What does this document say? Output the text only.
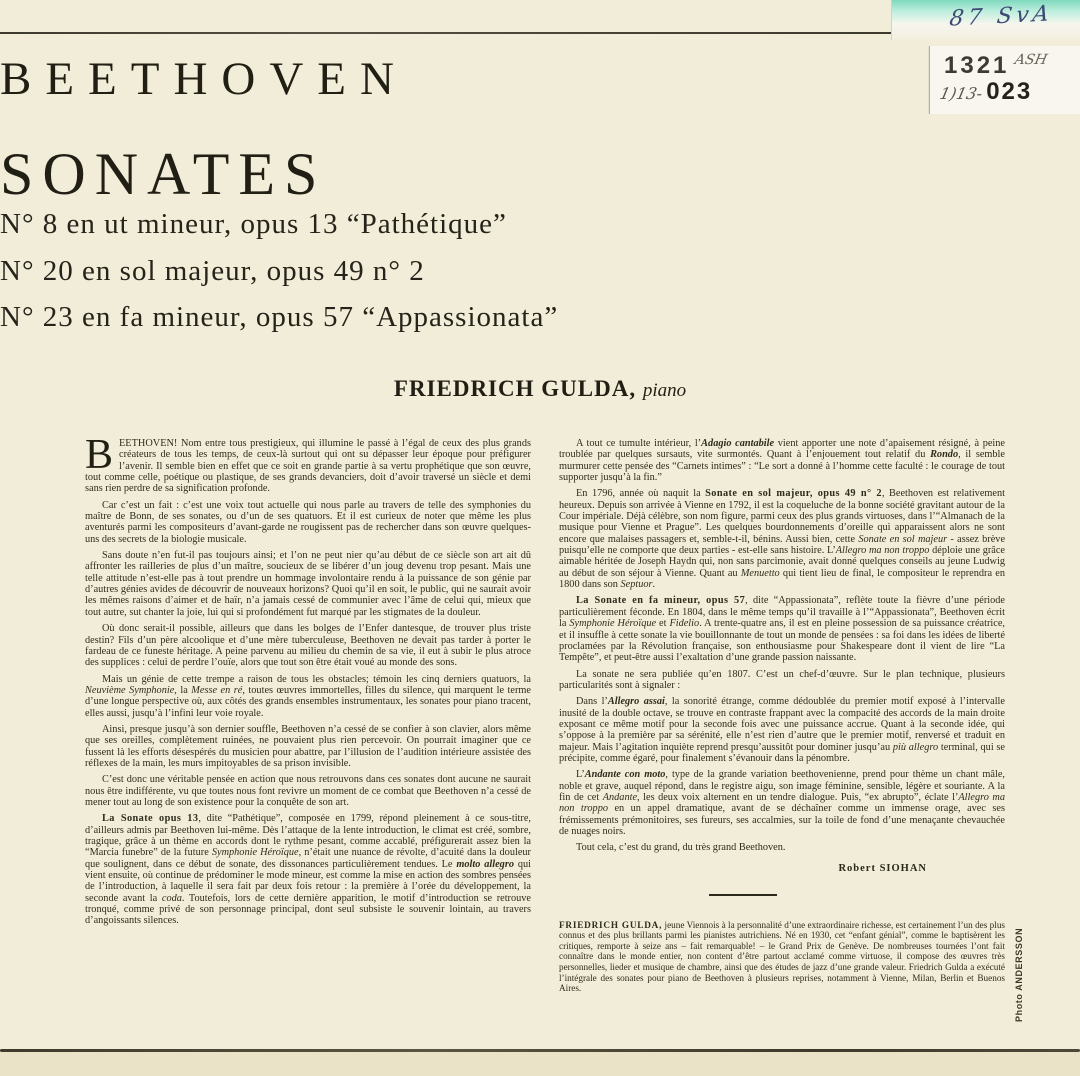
87 SvA
1321 ASH
1)13- 023
BEETHOVEN
SONATES
N° 8 en ut mineur, opus 13 “Pathétique”
N° 20 en sol majeur, opus 49 n° 2
N° 23 en fa mineur, opus 57 “Appassionata”
FRIEDRICH GULDA, piano

BEETHOVEN! Nom entre tous prestigieux, qui illumine le passé à l’égal de ceux des plus grands créateurs de tous les temps, de ceux-là surtout qui ont su dépasser leur époque pour préfigurer l’avenir. Il semble bien en effet que ce soit en grande partie à sa vertu prophétique que son œuvre, tout comme celle, poétique ou plastique, de ses grands devanciers, doit d’avoir traversé un siècle et demi sans rien perdre de sa signification profonde.

Car c’est un fait : c’est une voix tout actuelle qui nous parle au travers de telle des symphonies du maître de Bonn, de ses sonates, ou d’un de ses quatuors. Et il est curieux de noter que même les plus aventurés parmi les compositeurs d’avant-garde ne rougissent pas de rechercher dans son œuvre quelques-uns des secrets de la biologie musicale.

Sans doute n’en fut-il pas toujours ainsi; et l’on ne peut nier qu’au début de ce siècle son art ait dû affronter les railleries de plus d’un maître, soucieux de se libérer d’un joug devenu trop pesant. Mais une telle attitude n’est-elle pas à tout prendre un hommage involontaire rendu à la puissance de son génie par d’autres génies avides de découvrir de nouveaux horizons? Quoi qu’il en soit, le public, qui ne saurait avoir les mêmes raisons d’aimer et de haïr, n’a jamais cessé de communier avec l’âme de celui qui, mieux que tout autre, sut chanter la joie, lui qui si profondément fut marqué par les stigmates de la douleur.

Où donc serait-il possible, ailleurs que dans les bolges de l’Enfer dantesque, de trouver plus triste destin? Fils d’un père alcoolique et d’une mère tuberculeuse, Beethoven ne devait pas tarder à porter le fardeau de ce funeste héritage. A peine parvenu au milieu du chemin de sa vie, il eut à subir le plus atroce des supplices : celui de perdre l’ouïe, alors que tout son être était voué au monde des sons.

Mais un génie de cette trempe a raison de tous les obstacles; témoin les cinq derniers quatuors, la Neuvième Symphonie, la Messe en ré, toutes œuvres immortelles, filles du silence, qui marquent le terme d’une longue perspective où, aux côtés des grands ensembles instrumentaux, les sonates pour piano tracent, elles aussi, jusqu’à l’infini leur voie royale.

Ainsi, presque jusqu’à son dernier souffle, Beethoven n’a cessé de se confier à son clavier, alors même que ses oreilles, complètement ruinées, ne pouvaient plus rien percevoir. On pourrait imaginer que ce fussent là les efforts désespérés du musicien pour abattre, par l’illusion de l’audition intérieure assistée des réflexes de la main, les murs impitoyables de sa prison invisible.

C’est donc une véritable pensée en action que nous retrouvons dans ces sonates dont aucune ne saurait nous être indifférente, vu que toutes nous font revivre un moment de ce combat que Beethoven n’a cessé de mener tout au long de son existence pour la conquête de son art.

La Sonate opus 13, dite “Pathétique”, composée en 1799, répond pleinement à ce sous-titre, d’ailleurs admis par Beethoven lui-même. Dès l’attaque de la lente introduction, le climat est créé, sombre, tragique, grâce à un thème en accords dont le rythme pesant, comme accablé, préfigurerait assez bien la “Marcia funebre” de la future Symphonie Héroïque, n’était une nuance de révolte, d’acuité dans la douleur que soulignent, dans ce début de sonate, des dissonances particulièrement tendues. Le molto allegro qui vient ensuite, où continue de prédominer le mode mineur, est comme la mise en action des sombres pensées de l’introduction, à laquelle il sera fait par deux fois retour : la première à l’orée du développement, la seconde avant la coda. Toutefois, lors de cette dernière apparition, le motif d’introduction se retrouve tronqué, comme privé de son personnage principal, dont seul subsiste le souvenir lointain, au travers d’angoissants silences.

A tout ce tumulte intérieur, l’Adagio cantabile vient apporter une note d’apaisement résigné, à peine troublée par quelques sursauts, vite surmontés. Quant à l’enjouement tout relatif du Rondo, il semble murmurer cette pensée des “Carnets intimes” : “Le sort a donné à l’homme cette faculté : le courage de tout supporter jusqu’à la fin.”

En 1796, année où naquit la Sonate en sol majeur, opus 49 n° 2, Beethoven est relativement heureux. Depuis son arrivée à Vienne en 1792, il est la coqueluche de la bonne société gravitant autour de la Cour impériale. Déjà célèbre, son nom figure, parmi ceux des plus grands virtuoses, dans l’“Almanach de la musique pour Vienne et Prague”. Les quelques bourdonnements d’oreille qui apparaissent alors ne sont encore que malaises passagers et, semble-t-il, bénins. Aussi bien, cette Sonate en sol majeur - assez brève puisqu’elle ne comporte que deux parties - est-elle sans histoire. L’Allegro ma non troppo déploie une grâce aimable héritée de Joseph Haydn qui, non sans parcimonie, avait donné quelques conseils au jeune Ludwig au début de son séjour à Vienne. Quant au Menuetto qui tient lieu de final, le compositeur le reprendra en 1800 dans son Septuor.

La Sonate en fa mineur, opus 57, dite “Appassionata”, reflète toute la fièvre d’une période particulièrement féconde. En 1804, dans le même temps qu’il travaille à l’“Appassionata”, Beethoven écrit la Symphonie Héroïque et Fidelio. A trente-quatre ans, il est en pleine possession de sa puissance créatrice, et il insuffle à cette sonate la vie bouillonnante de tout un monde de pensées : sa foi dans les idées de liberté proclamées par la Révolution française, son enthousiasme pour Shakespeare dont il vient de lire “La Tempête”, et peut-être aussi l’exaltation d’une grande passion naissante.

La sonate ne sera publiée qu’en 1807. C’est un chef-d’œuvre. Sur le plan technique, plusieurs particularités sont à signaler :

Dans l’Allegro assai, la sonorité étrange, comme dédoublée du premier motif exposé à l’intervalle inusité de la double octave, se trouve en contraste frappant avec la compacité des accords de la main droite exposant ce même motif pour la seconde fois avec une puissance accrue. Quant à la seconde idée, qui s’oppose à la première par sa sérénité, elle n’est rien d’autre que le premier motif, renversé et traduit en majeur. Mais l’agitation inquiète reprend presqu’aussitôt pour dominer jusqu’au più allegro terminal, qui se précipite, comme égaré, pour finalement s’évanouir dans la pénombre.

L’Andante con moto, type de la grande variation beethovenienne, prend pour thème un chant mâle, noble et grave, auquel répond, dans le registre aigu, son image féminine, sensible, légère et souriante. A la fin de cet Andante, les deux voix alternent en un tendre dialogue. Puis, “ex abrupto”, éclate l’Allegro ma non troppo en un appel dramatique, avant de se déchaîner comme un immense orage, avec ses frémissements prémonitoires, ses fureurs, ses accalmies, sur la toile de fond d’une menaçante chevauchée de nuages noirs.

Tout cela, c’est du grand, du très grand Beethoven.

Robert SIOHAN

FRIEDRICH GULDA, jeune Viennois à la personnalité d’une extraordinaire richesse, est certainement l’un des plus connus et des plus brillants parmi les pianistes autrichiens. Né en 1930, cet “enfant génial”, comme le baptisèrent les critiques, remporte à seize ans – fait remarquable! – le Grand Prix de Genève. De nombreuses tournées l’ont fait connaître dans le monde entier, non content d’être partout acclamé comme virtuose, il compose des œuvres très personnelles, lieder et musique de chambre, ainsi que des études de jazz d’une grande valeur. Friedrich Gulda a exécuté l’intégrale des sonates pour piano de Beethoven à plusieurs reprises, notamment à Vienne, Milan, Berlin et Buenos Aires.	Photo ANDERSSON
